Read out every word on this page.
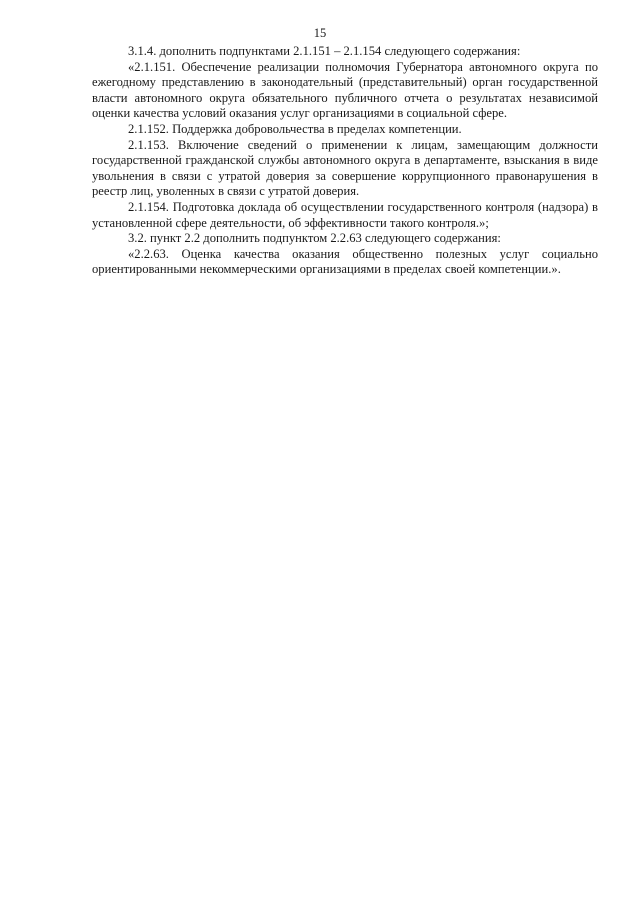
15

3.1.4. дополнить подпунктами 2.1.151 – 2.1.154 следующего содержания:

«2.1.151. Обеспечение реализации полномочия Губернатора автономного округа по ежегодному представлению в законодательный (представительный) орган государственной власти автономного округа обязательного публичного отчета о результатах независимой оценки качества условий оказания услуг организациями в социальной сфере.

2.1.152. Поддержка добровольчества в пределах компетенции.

2.1.153. Включение сведений о применении к лицам, замещающим должности государственной гражданской службы автономного округа в департаменте, взыскания в виде увольнения в связи с утратой доверия за совершение коррупционного правонарушения в реестр лиц, уволенных в связи с утратой доверия.

2.1.154. Подготовка доклада об осуществлении государственного контроля (надзора) в установленной сфере деятельности, об эффективности такого контроля.»;

3.2. пункт 2.2 дополнить подпунктом 2.2.63 следующего содержания:

«2.2.63. Оценка качества оказания общественно полезных услуг социально ориентированными некоммерческими организациями в пределах своей компетенции.».
